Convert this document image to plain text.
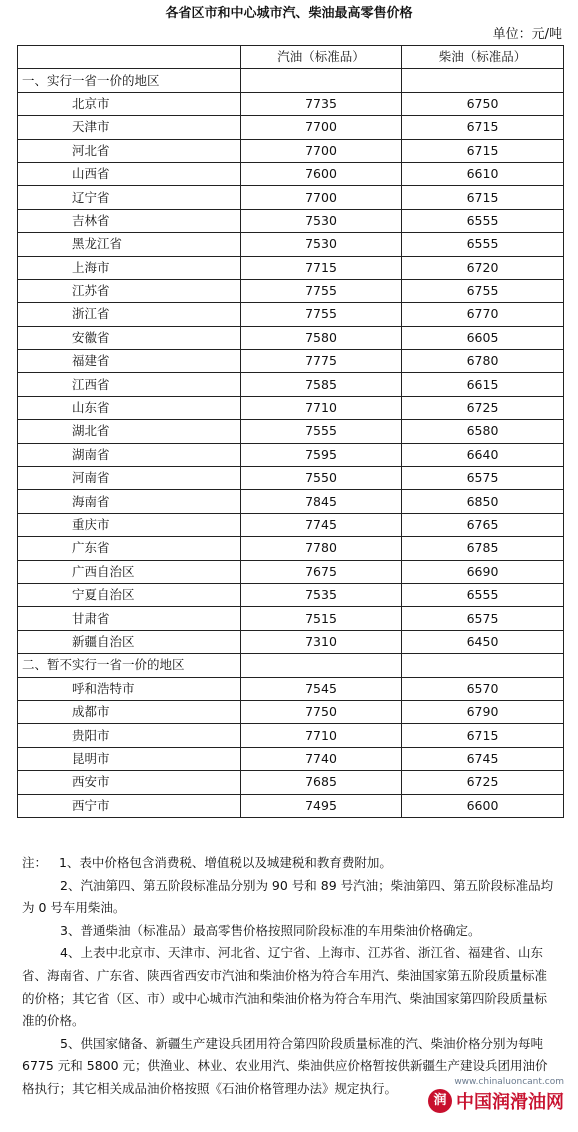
各省区市和中心城市汽、柴油最高零售价格
单位：元/吨
	汽油（标准品）	柴油（标准品）
一、实行一省一价的地区		
北京市	7735	6750
天津市	7700	6715
河北省	7700	6715
山西省	7600	6610
辽宁省	7700	6715
吉林省	7530	6555
黑龙江省	7530	6555
上海市	7715	6720
江苏省	7755	6755
浙江省	7755	6770
安徽省	7580	6605
福建省	7775	6780
江西省	7585	6615
山东省	7710	6725
湖北省	7555	6580
湖南省	7595	6640
河南省	7550	6575
海南省	7845	6850
重庆市	7745	6765
广东省	7780	6785
广西自治区	7675	6690
宁夏自治区	7535	6555
甘肃省	7515	6575
新疆自治区	7310	6450
二、暂不实行一省一价的地区		
呼和浩特市	7545	6570
成都市	7750	6790
贵阳市	7710	6715
昆明市	7740	6745
西安市	7685	6725
西宁市	7495	6600

注： 1、表中价格包含消费税、增值税以及城建税和教育费附加。

2、汽油第四、第五阶段标准品分别为 90 号和 89 号汽油；柴油第四、第五阶段标准品均为 0 号车用柴油。

3、普通柴油（标准品）最高零售价格按照同阶段标准的车用柴油价格确定。

4、上表中北京市、天津市、河北省、辽宁省、上海市、江苏省、浙江省、福建省、山东省、海南省、广东省、陕西省西安市汽油和柴油价格为符合车用汽、柴油国家第五阶段质量标准的价格；其它省（区、市）或中心城市汽油和柴油价格为符合车用汽、柴油国家第四阶段质量标准的价格。

5、供国家储备、新疆生产建设兵团用符合第四阶段质量标准的汽、柴油价格分别为每吨 6775 元和 5800 元；供渔业、林业、农业用汽、柴油供应价格暂按供新疆生产建设兵团用油价格执行；其它相关成品油价格按照《石油价格管理办法》规定执行。	www.chinaluoncant.com
润 中国润滑油网
